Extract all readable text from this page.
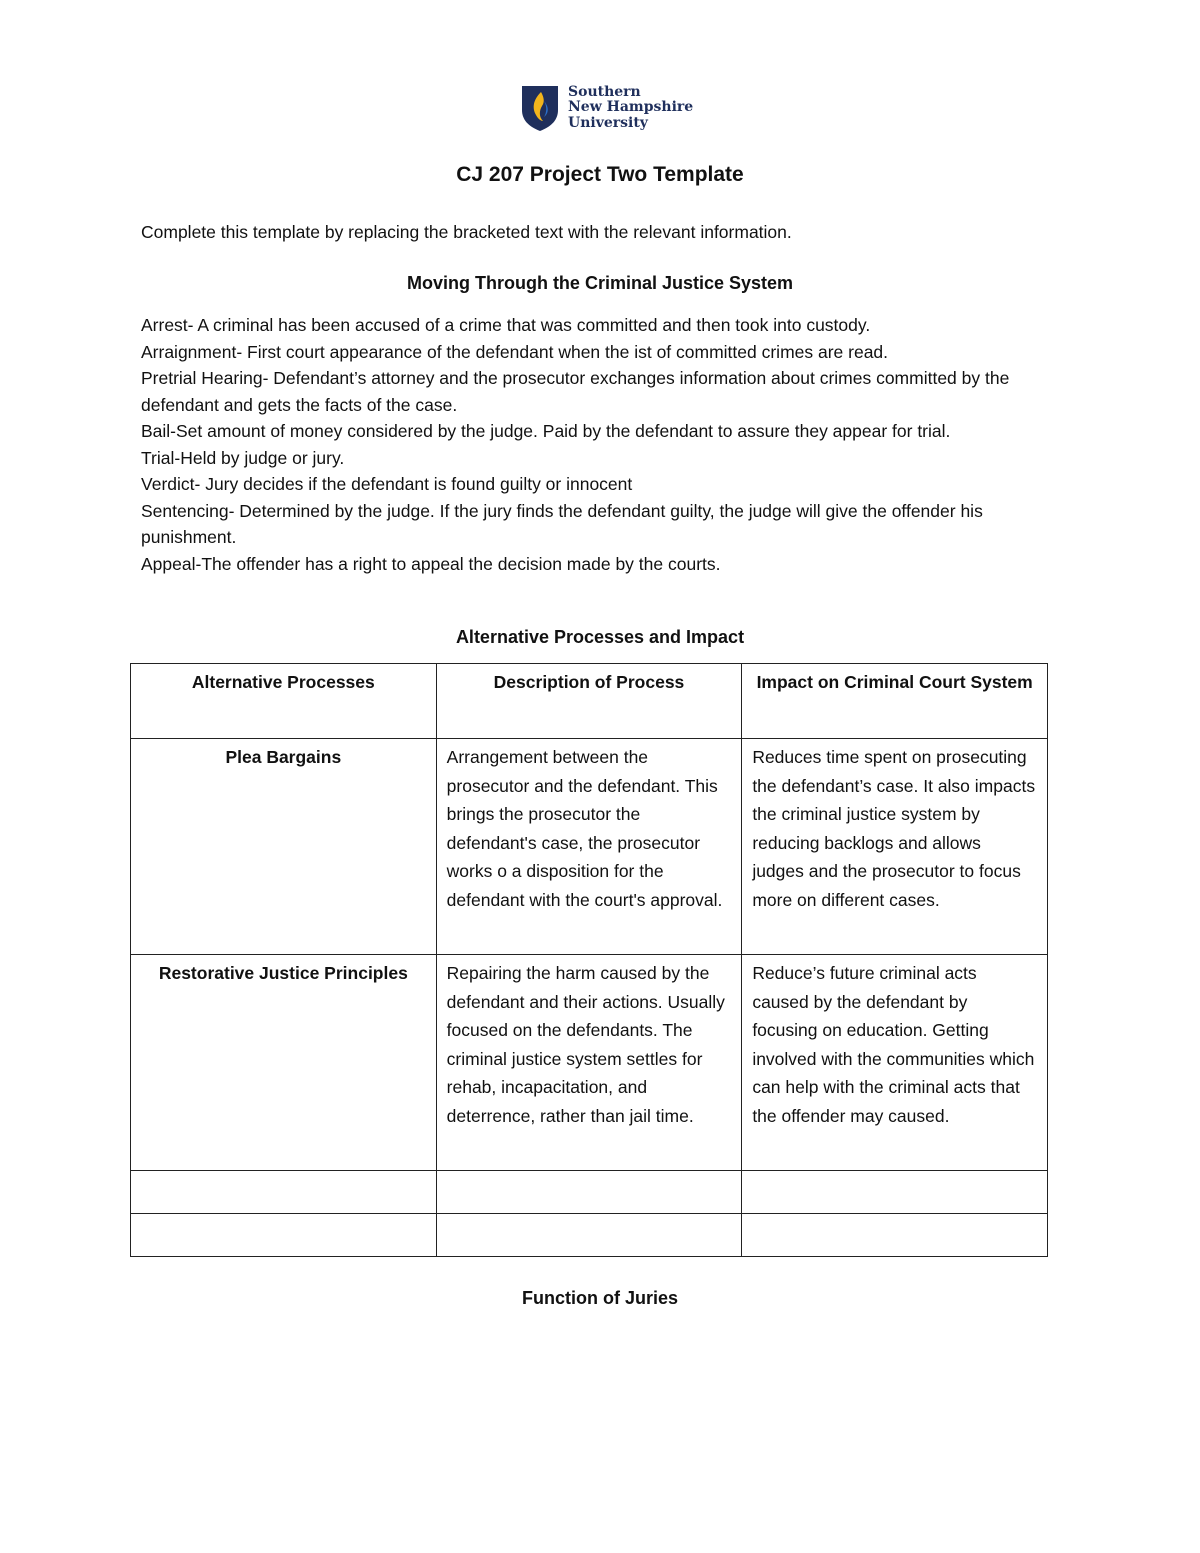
Southern
New Hampshire
University
CJ 207 Project Two Template

Complete this template by replacing the bracketed text with the relevant information.

Moving Through the Criminal Justice System

Arrest- A criminal has been accused of a crime that was committed and then took into custody.

Arraignment- First court appearance of the defendant when the ist of committed crimes are read.

Pretrial Hearing- Defendant’s attorney and the prosecutor exchanges information about crimes committed by the defendant and gets the facts of the case.

Bail-Set amount of money considered by the judge. Paid by the defendant to assure they appear for trial.

Trial-Held by judge or jury.

Verdict- Jury decides if the defendant is found guilty or innocent

Sentencing- Determined by the judge. If the jury finds the defendant guilty, the judge will give the offender his punishment.

Appeal-The offender has a right to appeal the decision made by the courts.

Alternative Processes and Impact
Alternative Processes	Description of Process	Impact on Criminal Court System
Plea Bargains	Arrangement between the prosecutor and the defendant. This brings the prosecutor the defendant's case, the prosecutor works o a disposition for the defendant with the court's approval.	Reduces time spent on prosecuting the defendant’s case. It also impacts the criminal justice system by reducing backlogs and allows judges and the prosecutor to focus more on different cases.
Restorative Justice Principles	Repairing the harm caused by the defendant and their actions. Usually focused on the defendants. The criminal justice system settles for rehab, incapacitation, and deterrence, rather than jail time.	Reduce’s future criminal acts caused by the defendant by focusing on education. Getting involved with the communities which can help with the criminal acts that the offender may caused.

Function of Juries
